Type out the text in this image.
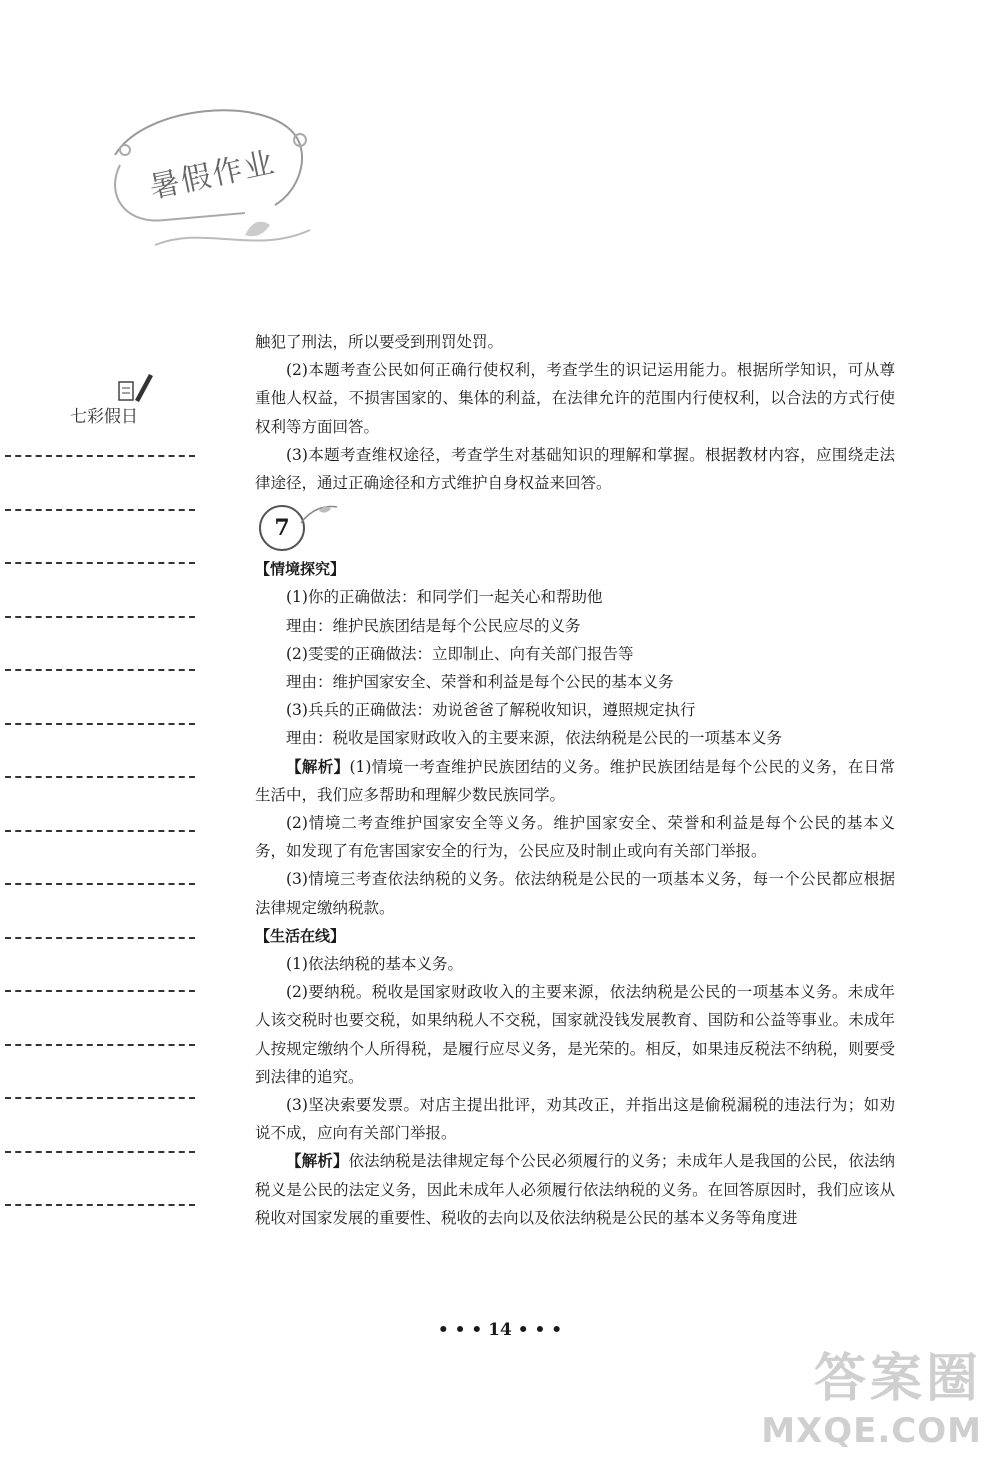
暑假作业
七彩假日

触犯了刑法，所以要受到刑罚处罚。

(2)本题考查公民如何正确行使权利，考查学生的识记运用能力。根据所学知识，可从尊重他人权益，不损害国家的、集体的利益，在法律允许的范围内行使权利，以合法的方式行使权利等方面回答。

(3)本题考查维权途径，考查学生对基础知识的理解和掌握。根据教材内容，应围绕走法律途径，通过正确途径和方式维护自身权益来回答。

7

【情境探究】

(1)你的正确做法：和同学们一起关心和帮助他

理由：维护民族团结是每个公民应尽的义务

(2)雯雯的正确做法：立即制止、向有关部门报告等

理由：维护国家安全、荣誉和利益是每个公民的基本义务

(3)兵兵的正确做法：劝说爸爸了解税收知识，遵照规定执行

理由：税收是国家财政收入的主要来源，依法纳税是公民的一项基本义务

【解析】(1)情境一考查维护民族团结的义务。维护民族团结是每个公民的义务，在日常生活中，我们应多帮助和理解少数民族同学。

(2)情境二考查维护国家安全等义务。维护国家安全、荣誉和利益是每个公民的基本义务，如发现了有危害国家安全的行为，公民应及时制止或向有关部门举报。

(3)情境三考查依法纳税的义务。依法纳税是公民的一项基本义务，每一个公民都应根据法律规定缴纳税款。

【生活在线】

(1)依法纳税的基本义务。

(2)要纳税。税收是国家财政收入的主要来源，依法纳税是公民的一项基本义务。未成年人该交税时也要交税，如果纳税人不交税，国家就没钱发展教育、国防和公益等事业。未成年人按规定缴纳个人所得税，是履行应尽义务，是光荣的。相反，如果违反税法不纳税，则要受到法律的追究。

(3)坚决索要发票。对店主提出批评，劝其改正，并指出这是偷税漏税的违法行为；如劝说不成，应向有关部门举报。

【解析】依法纳税是法律规定每个公民必须履行的义务；未成年人是我国的公民，依法纳税义是公民的法定义务，因此未成年人必须履行依法纳税的义务。在回答原因时，我们应该从税收对国家发展的重要性、税收的去向以及依法纳税是公民的基本义务等角度进

• • • 14 • • •
答案圈
MXQE.COM
